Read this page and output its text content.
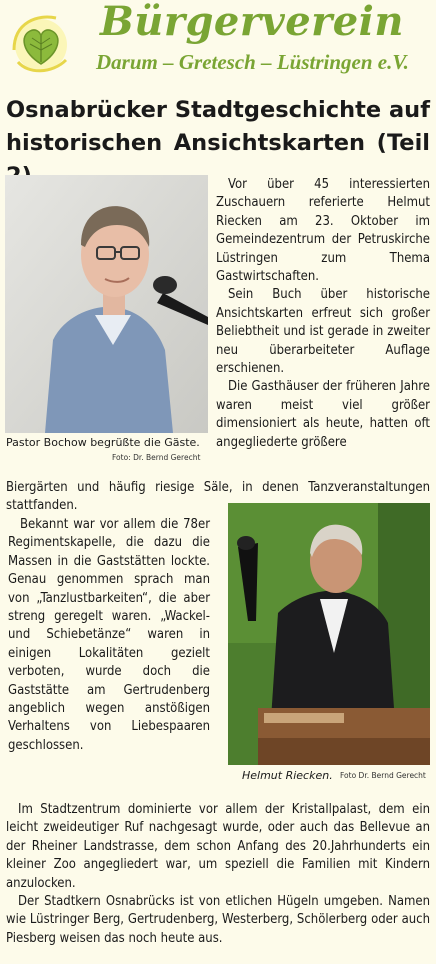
Bürgerverein
Darum – Gretesch – Lüstringen e.V.
Osnabrücker Stadtgeschichte auf historischen Ansichtskarten (Teil
Pastor Bochow begrüßte die Gäste.
Foto: Dr. Bernd Gerecht

Vor über 45 interessierten Zuschauern referierte Helmut Riecken am 23. Oktober im Gemeindezentrum der Petruskirche Lüstringen zum Thema Gastwirtschaften.

Sein Buch über historische Ansichtskarten erfreut sich großer Beliebtheit und ist gerade in zweiter neu überarbeiteter Auflage erschienen.

Die Gasthäuser der früheren Jahre waren meist viel größer dimensioniert als heute, hatten oft angegliederte größere

Biergärten und häufig riesige Säle, in denen Tanzveranstaltungen stattfanden.

Bekannt war vor allem die 78er Regimentskapelle, die dazu die Massen in die Gaststätten lockte. Genau genommen sprach man von „Tanzlustbarkeiten“, die aber streng geregelt waren. „Wackel- und Schiebetänze“ waren in einigen Lokalitäten gezielt verboten, wurde doch die Gaststätte am Gertrudenberg angeblich wegen anstößigen Verhaltens von Liebespaaren geschlossen.

Helmut Riecken. Foto Dr. Bernd Gerecht

Im Stadtzentrum dominierte vor allem der Kristallpalast, dem ein leicht zweideutiger Ruf nachgesagt wurde, oder auch das Bellevue an der Rheiner Landstrasse, dem schon Anfang des 20.Jahrhunderts ein kleiner Zoo angegliedert war, um speziell die Familien mit Kindern anzulocken.

Der Stadtkern Osnabrücks ist von etlichen Hügeln umgeben. Namen wie Lüstringer Berg, Gertrudenberg, Westerberg, Schölerberg oder auch Piesberg weisen das noch heute aus.
